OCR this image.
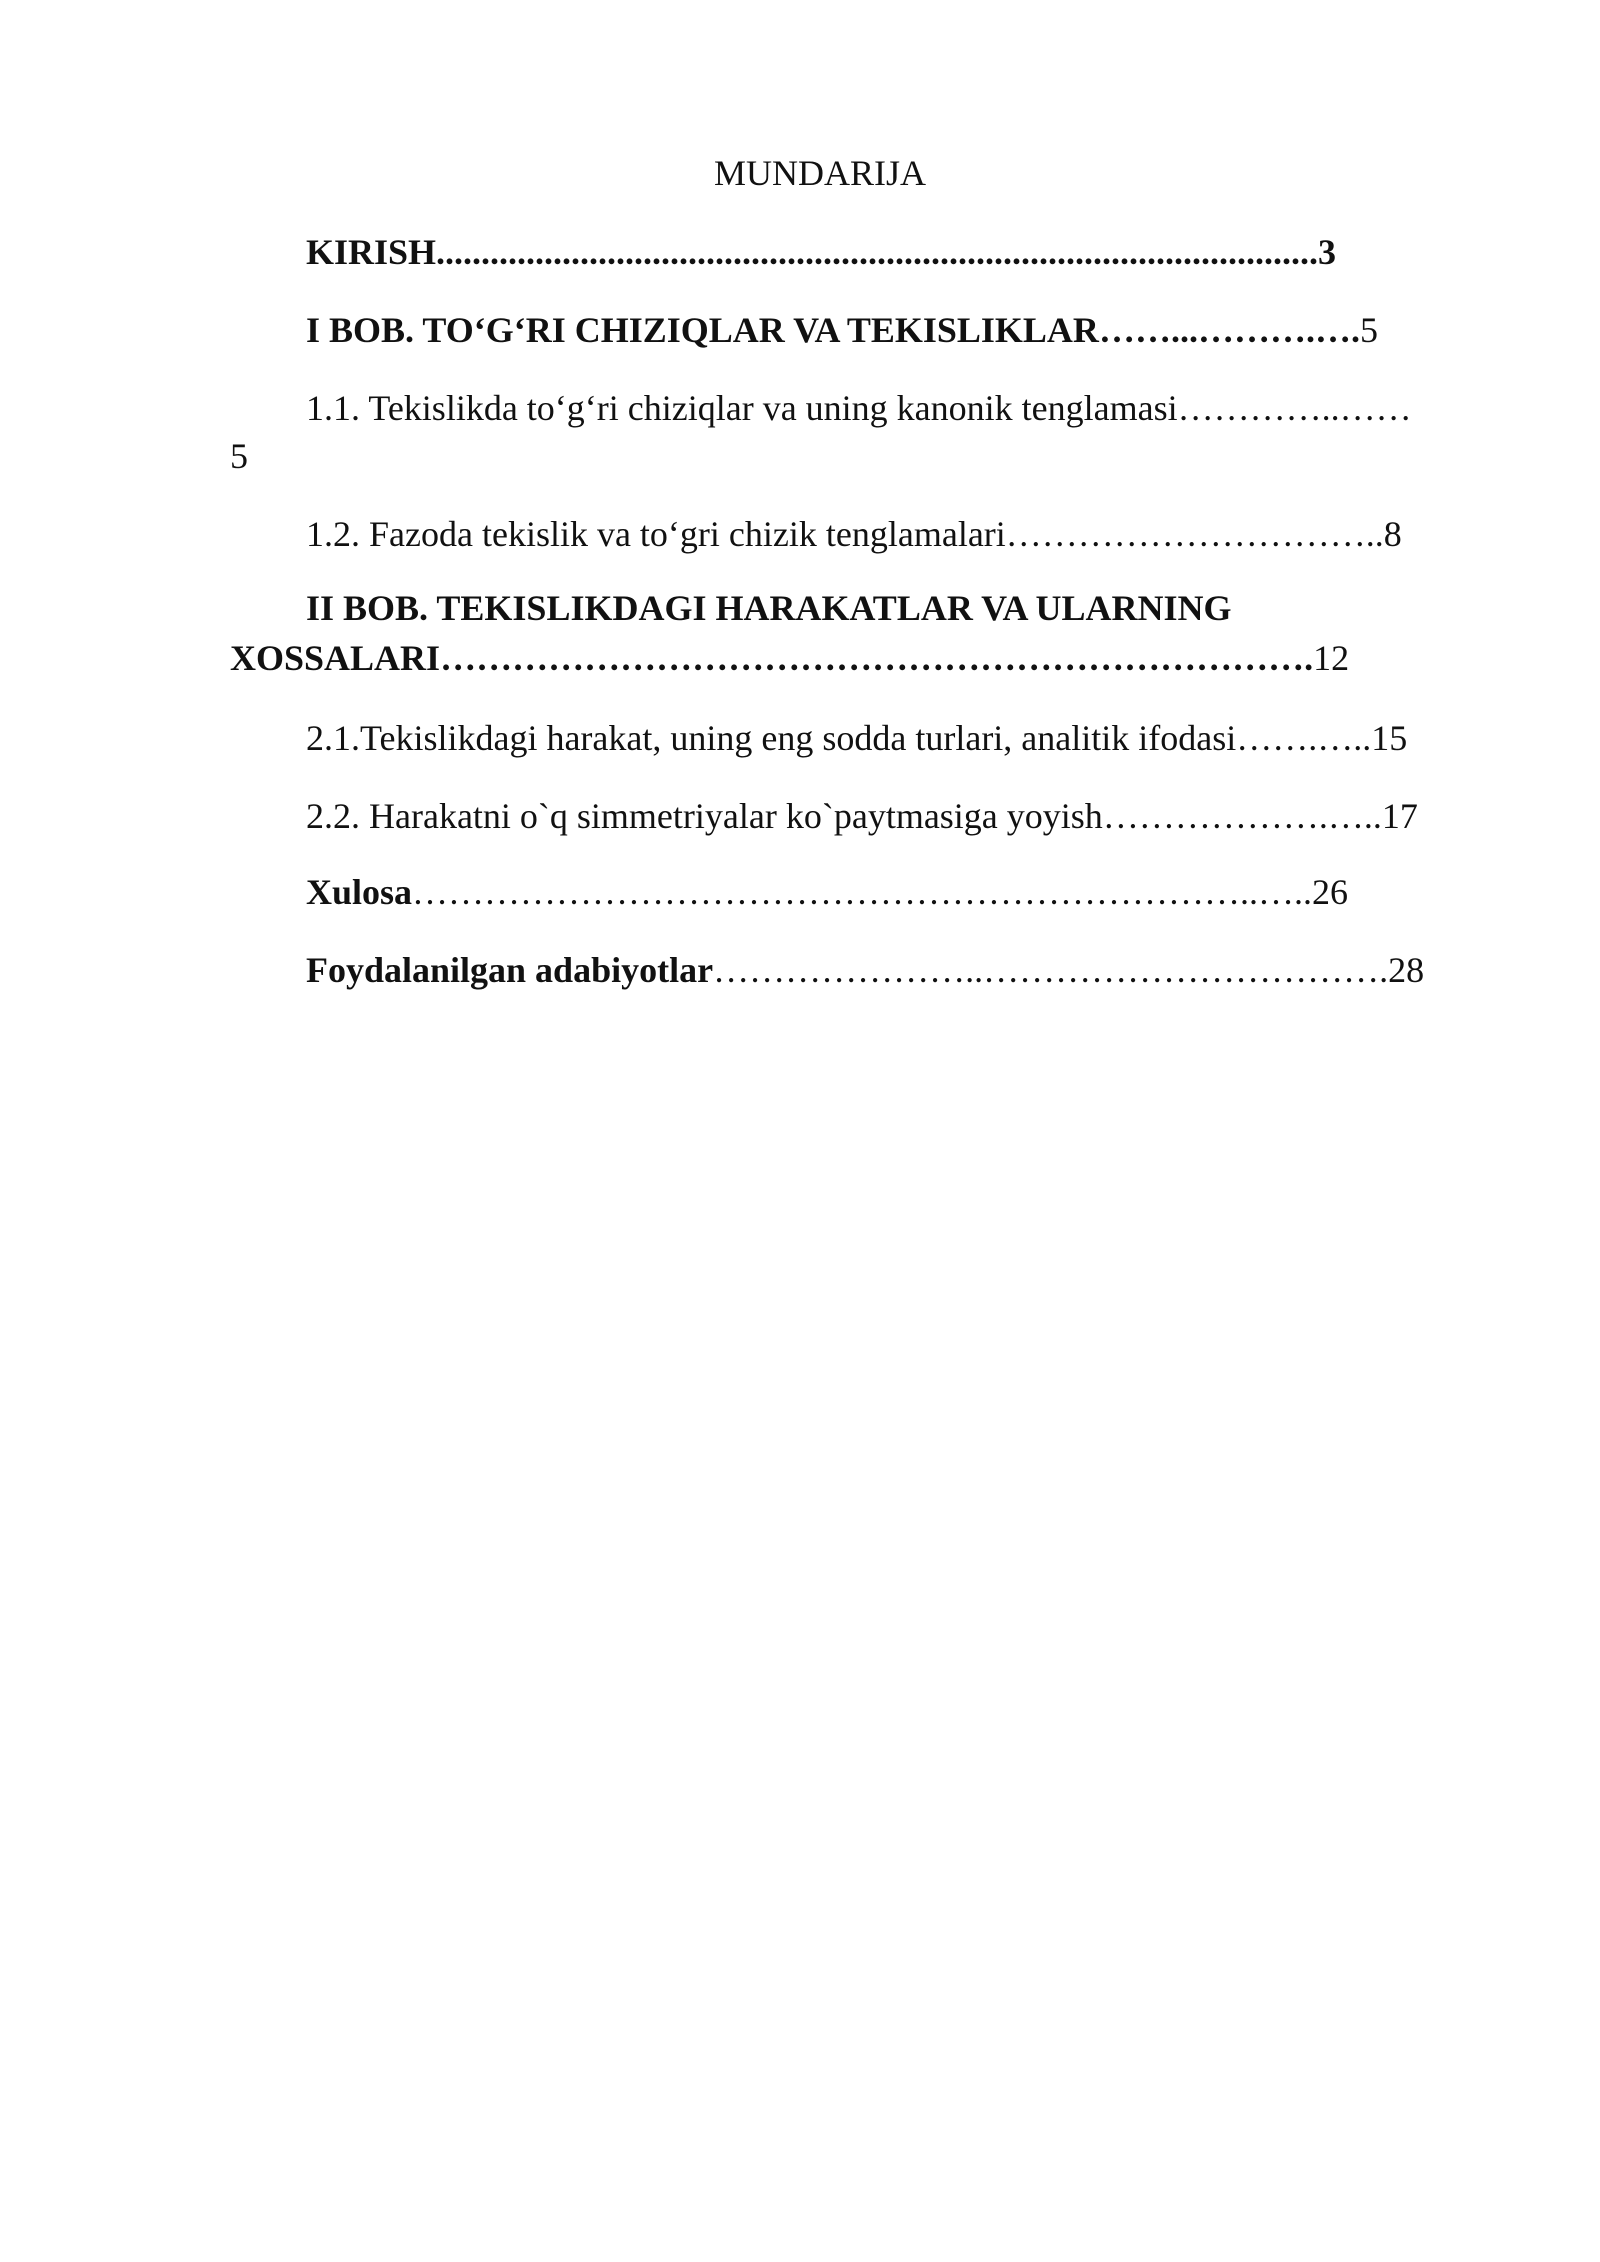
MUNDARIJA
KIRISH..................................................................................................3
I BOB. TO‘G‘RI CHIZIQLAR VA TEKISLIKLAR……...……….….5
1.1. Tekislikda to‘g‘ri chiziqlar va uning kanonik tenglamasi…………..……
5
1.2. Fazoda tekislik va to‘gri chizik tenglamalari…………………………..8
II BOB. TEKISLIKDAGI HARAKATLAR VA ULARNING
XOSSALARI……………………………………………………………….12
2.1.Tekislikdagi harakat, uning eng sodda turlari, analitik ifodasi…….…..15
2.2. Harakatni o`q simmetriyalar ko`paytmasiga yoyish……………….…..17
Xulosa……………………………………………………………..…..26
Foydalanilgan adabiyotlar…………………..…………………………….28
